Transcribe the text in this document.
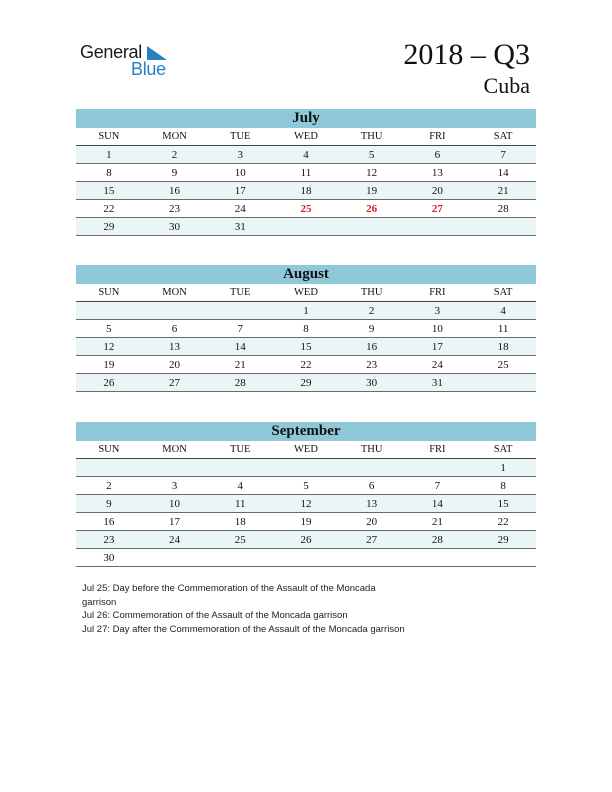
General
Blue	2018 – Q3
Cuba
July
SUN	MON	TUE	WED	THU	FRI	SAT
1	2	3	4	5	6	7
8	9	10	11	12	13	14
15	16	17	18	19	20	21
22	23	24	25	26	27	28
29	30	31				
August
SUN	MON	TUE	WED	THU	FRI	SAT
			1	2	3	4
5	6	7	8	9	10	11
12	13	14	15	16	17	18
19	20	21	22	23	24	25
26	27	28	29	30	31	
September
SUN	MON	TUE	WED	THU	FRI	SAT
						1
2	3	4	5	6	7	8
9	10	11	12	13	14	15
16	17	18	19	20	21	22
23	24	25	26	27	28	29
30						

Jul 25: Day before the Commemoration of the Assault of the Moncada garrison

Jul 26: Commemoration of the Assault of the Moncada garrison

Jul 27: Day after the Commemoration of the Assault of the Moncada garrison
